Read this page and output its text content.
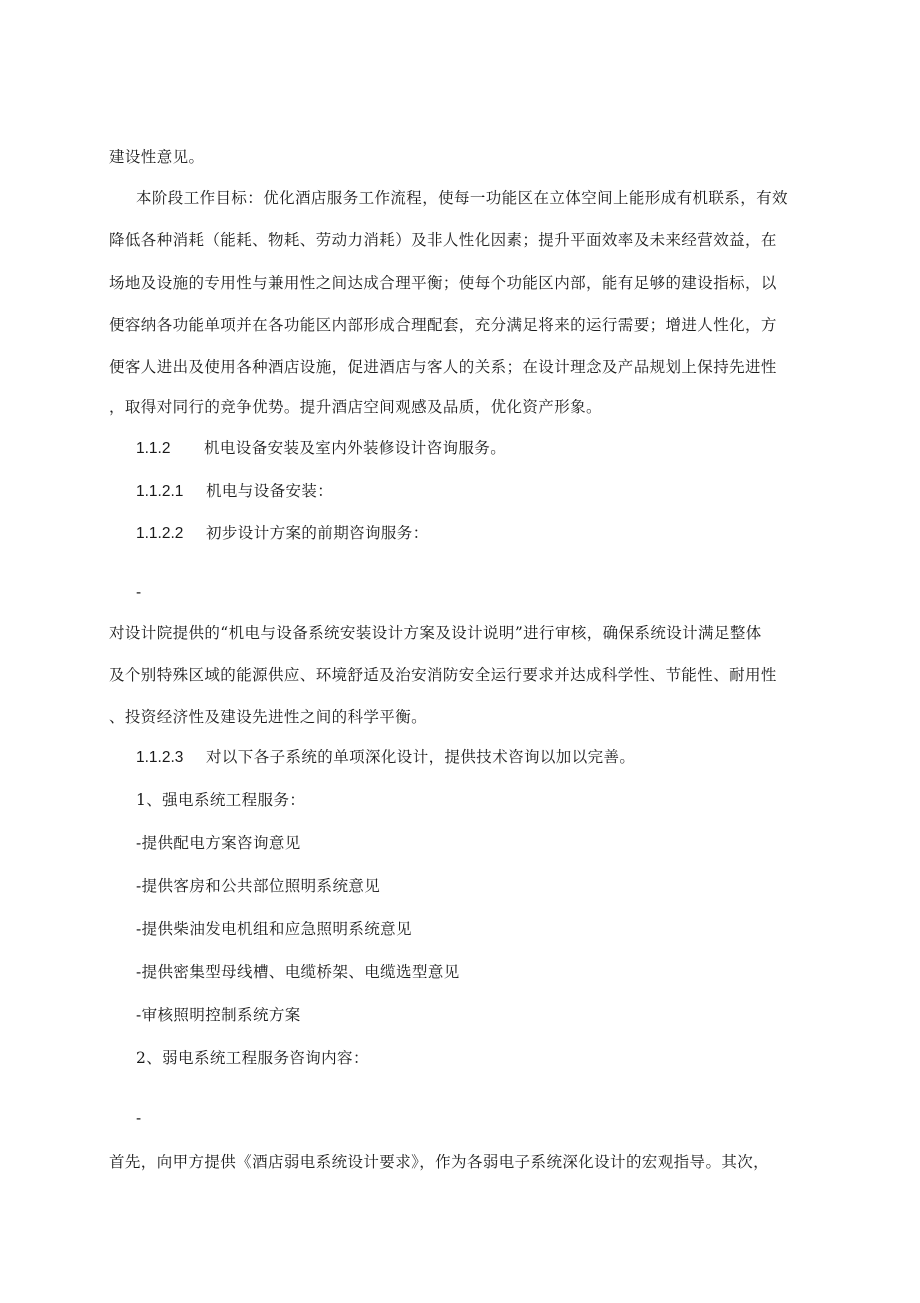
建设性意见。
本阶段工作目标：优化酒店服务工作流程，使每一功能区在立体空间上能形成有机联系，有效
降低各种消耗（能耗、物耗、劳动力消耗）及非人性化因素；提升平面效率及未来经营效益，在
场地及设施的专用性与兼用性之间达成合理平衡；使每个功能区内部，能有足够的建设指标，以
便容纳各功能单项并在各功能区内部形成合理配套，充分满足将来的运行需要；增进人性化，方
便客人进出及使用各种酒店设施，促进酒店与客人的关系；在设计理念及产品规划上保持先进性
，取得对同行的竞争优势。提升酒店空间观感及品质，优化资产形象。
1.1.2 机电设备安装及室内外装修设计咨询服务。
1.1.2.1 机电与设备安装：
1.1.2.2 初步设计方案的前期咨询服务：
-
对设计院提供的“机电与设备系统安装设计方案及设计说明”进行审核，确保系统设计满足整体
及个别特殊区域的能源供应、环境舒适及治安消防安全运行要求并达成科学性、节能性、耐用性
、投资经济性及建设先进性之间的科学平衡。
1.1.2.3 对以下各子系统的单项深化设计，提供技术咨询以加以完善。
1、强电系统工程服务：
-提供配电方案咨询意见
-提供客房和公共部位照明系统意见
-提供柴油发电机组和应急照明系统意见
-提供密集型母线槽、电缆桥架、电缆选型意见
-审核照明控制系统方案
2、弱电系统工程服务咨询内容：
-
首先，向甲方提供《酒店弱电系统设计要求》，作为各弱电子系统深化设计的宏观指导。其次，
